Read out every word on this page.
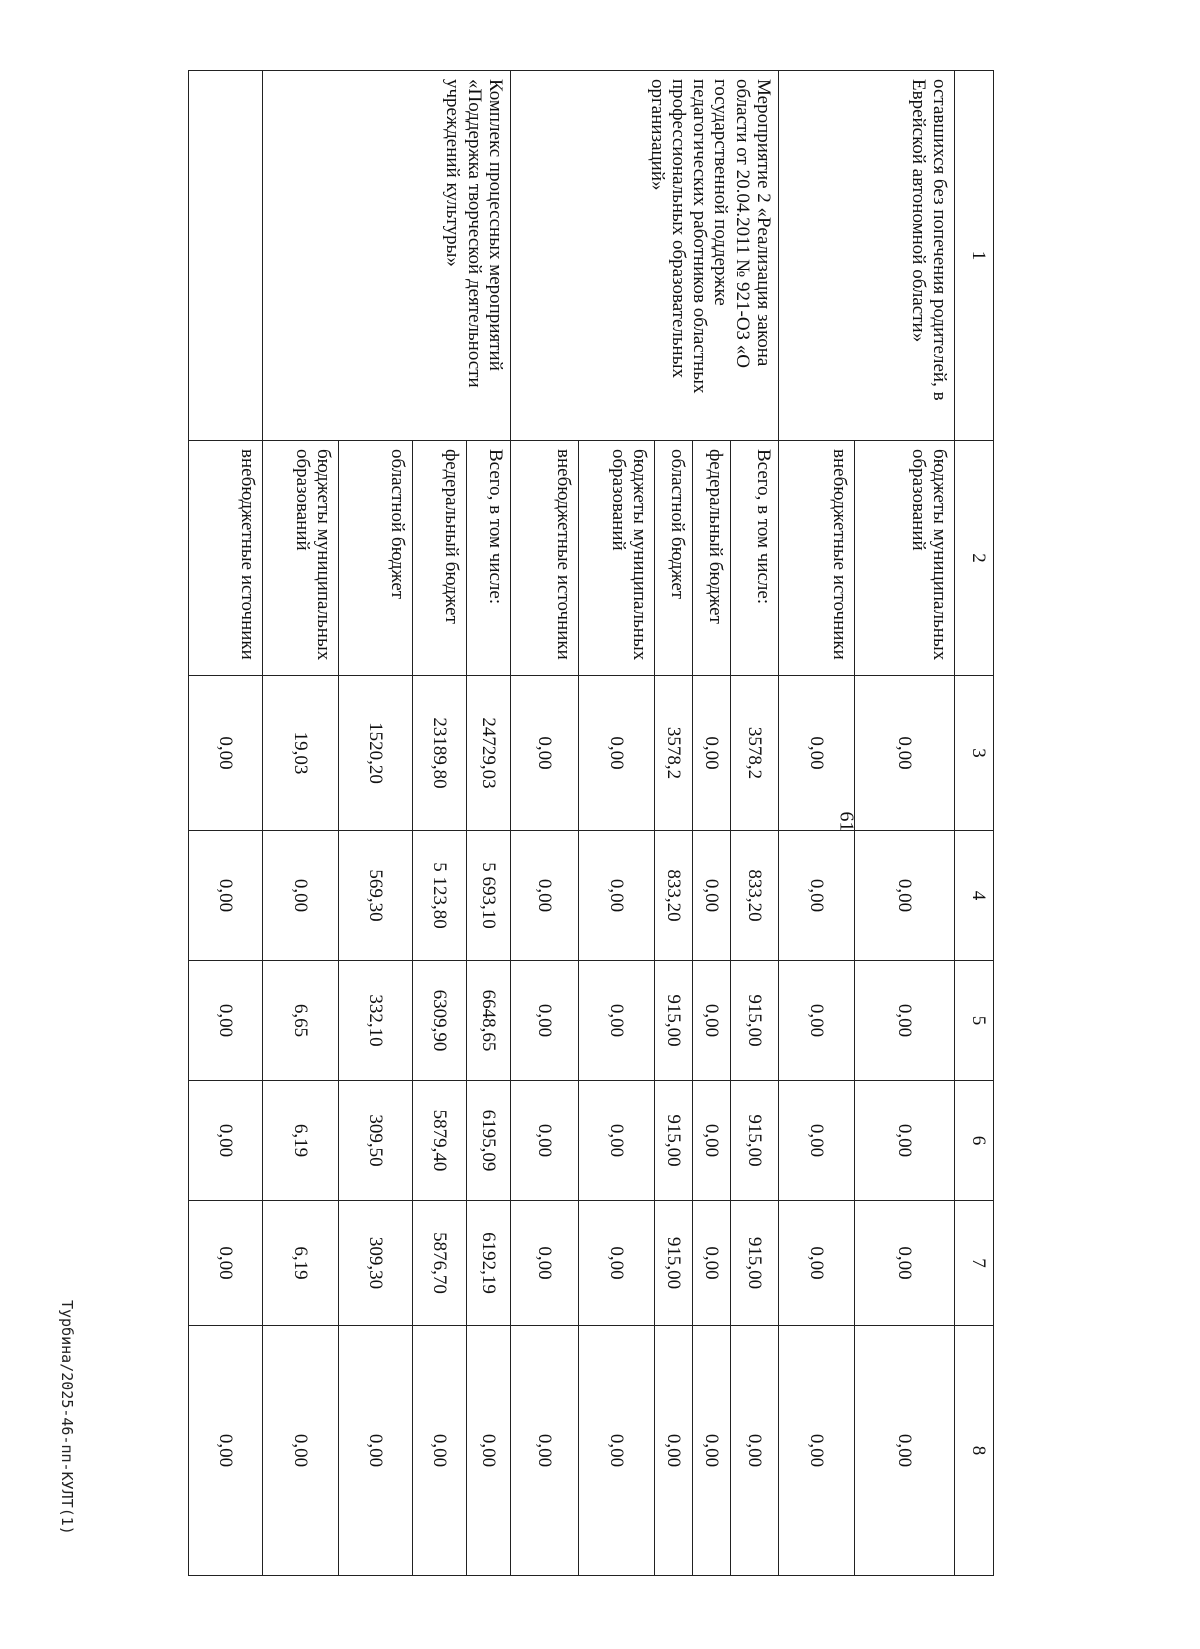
61
1	2	3	4	5	6	7	8
оставшихся без попечения родителей, в Еврейской автономной области»	бюджеты муниципальных образований	0,00	0,00	0,00	0,00	0,00	0,00
	внебюджетные источники	0,00	0,00	0,00	0,00	0,00	0,00
Мероприятие 2 «Реализация закона области от 20.04.2011 № 921-ОЗ «О государственной поддержке педагогических работников областных профессиональных образовательных организаций»	Всего, в том числе:	3578,2	833,20	915,00	915,00	915,00	0,00
	федеральный бюджет	0,00	0,00	0,00	0,00	0,00	0,00
	областной бюджет	3578,2	833,20	915,00	915,00	915,00	0,00
	бюджеты муниципальных образований	0,00	0,00	0,00	0,00	0,00	0,00
	внебюджетные источники	0,00	0,00	0,00	0,00	0,00	0,00
Комплекс процессных мероприятий «Поддержка творческой деятельности учреждений культуры»	Всего, в том числе:	24729,03	5 693,10	6648,65	6195,09	6192,19	0,00
	федеральный бюджет	23189,80	5 123,80	6309,90	5879,40	5876,70	0,00
	областной бюджет	1520,20	569,30	332,10	309,50	309,30	0,00
	бюджеты муниципальных образований	19,03	0,00	6,65	6,19	6,19	0,00
	внебюджетные источники	0,00	0,00	0,00	0,00	0,00	0,00
Турбина/2025-46-пп-КУЛТ(1)
